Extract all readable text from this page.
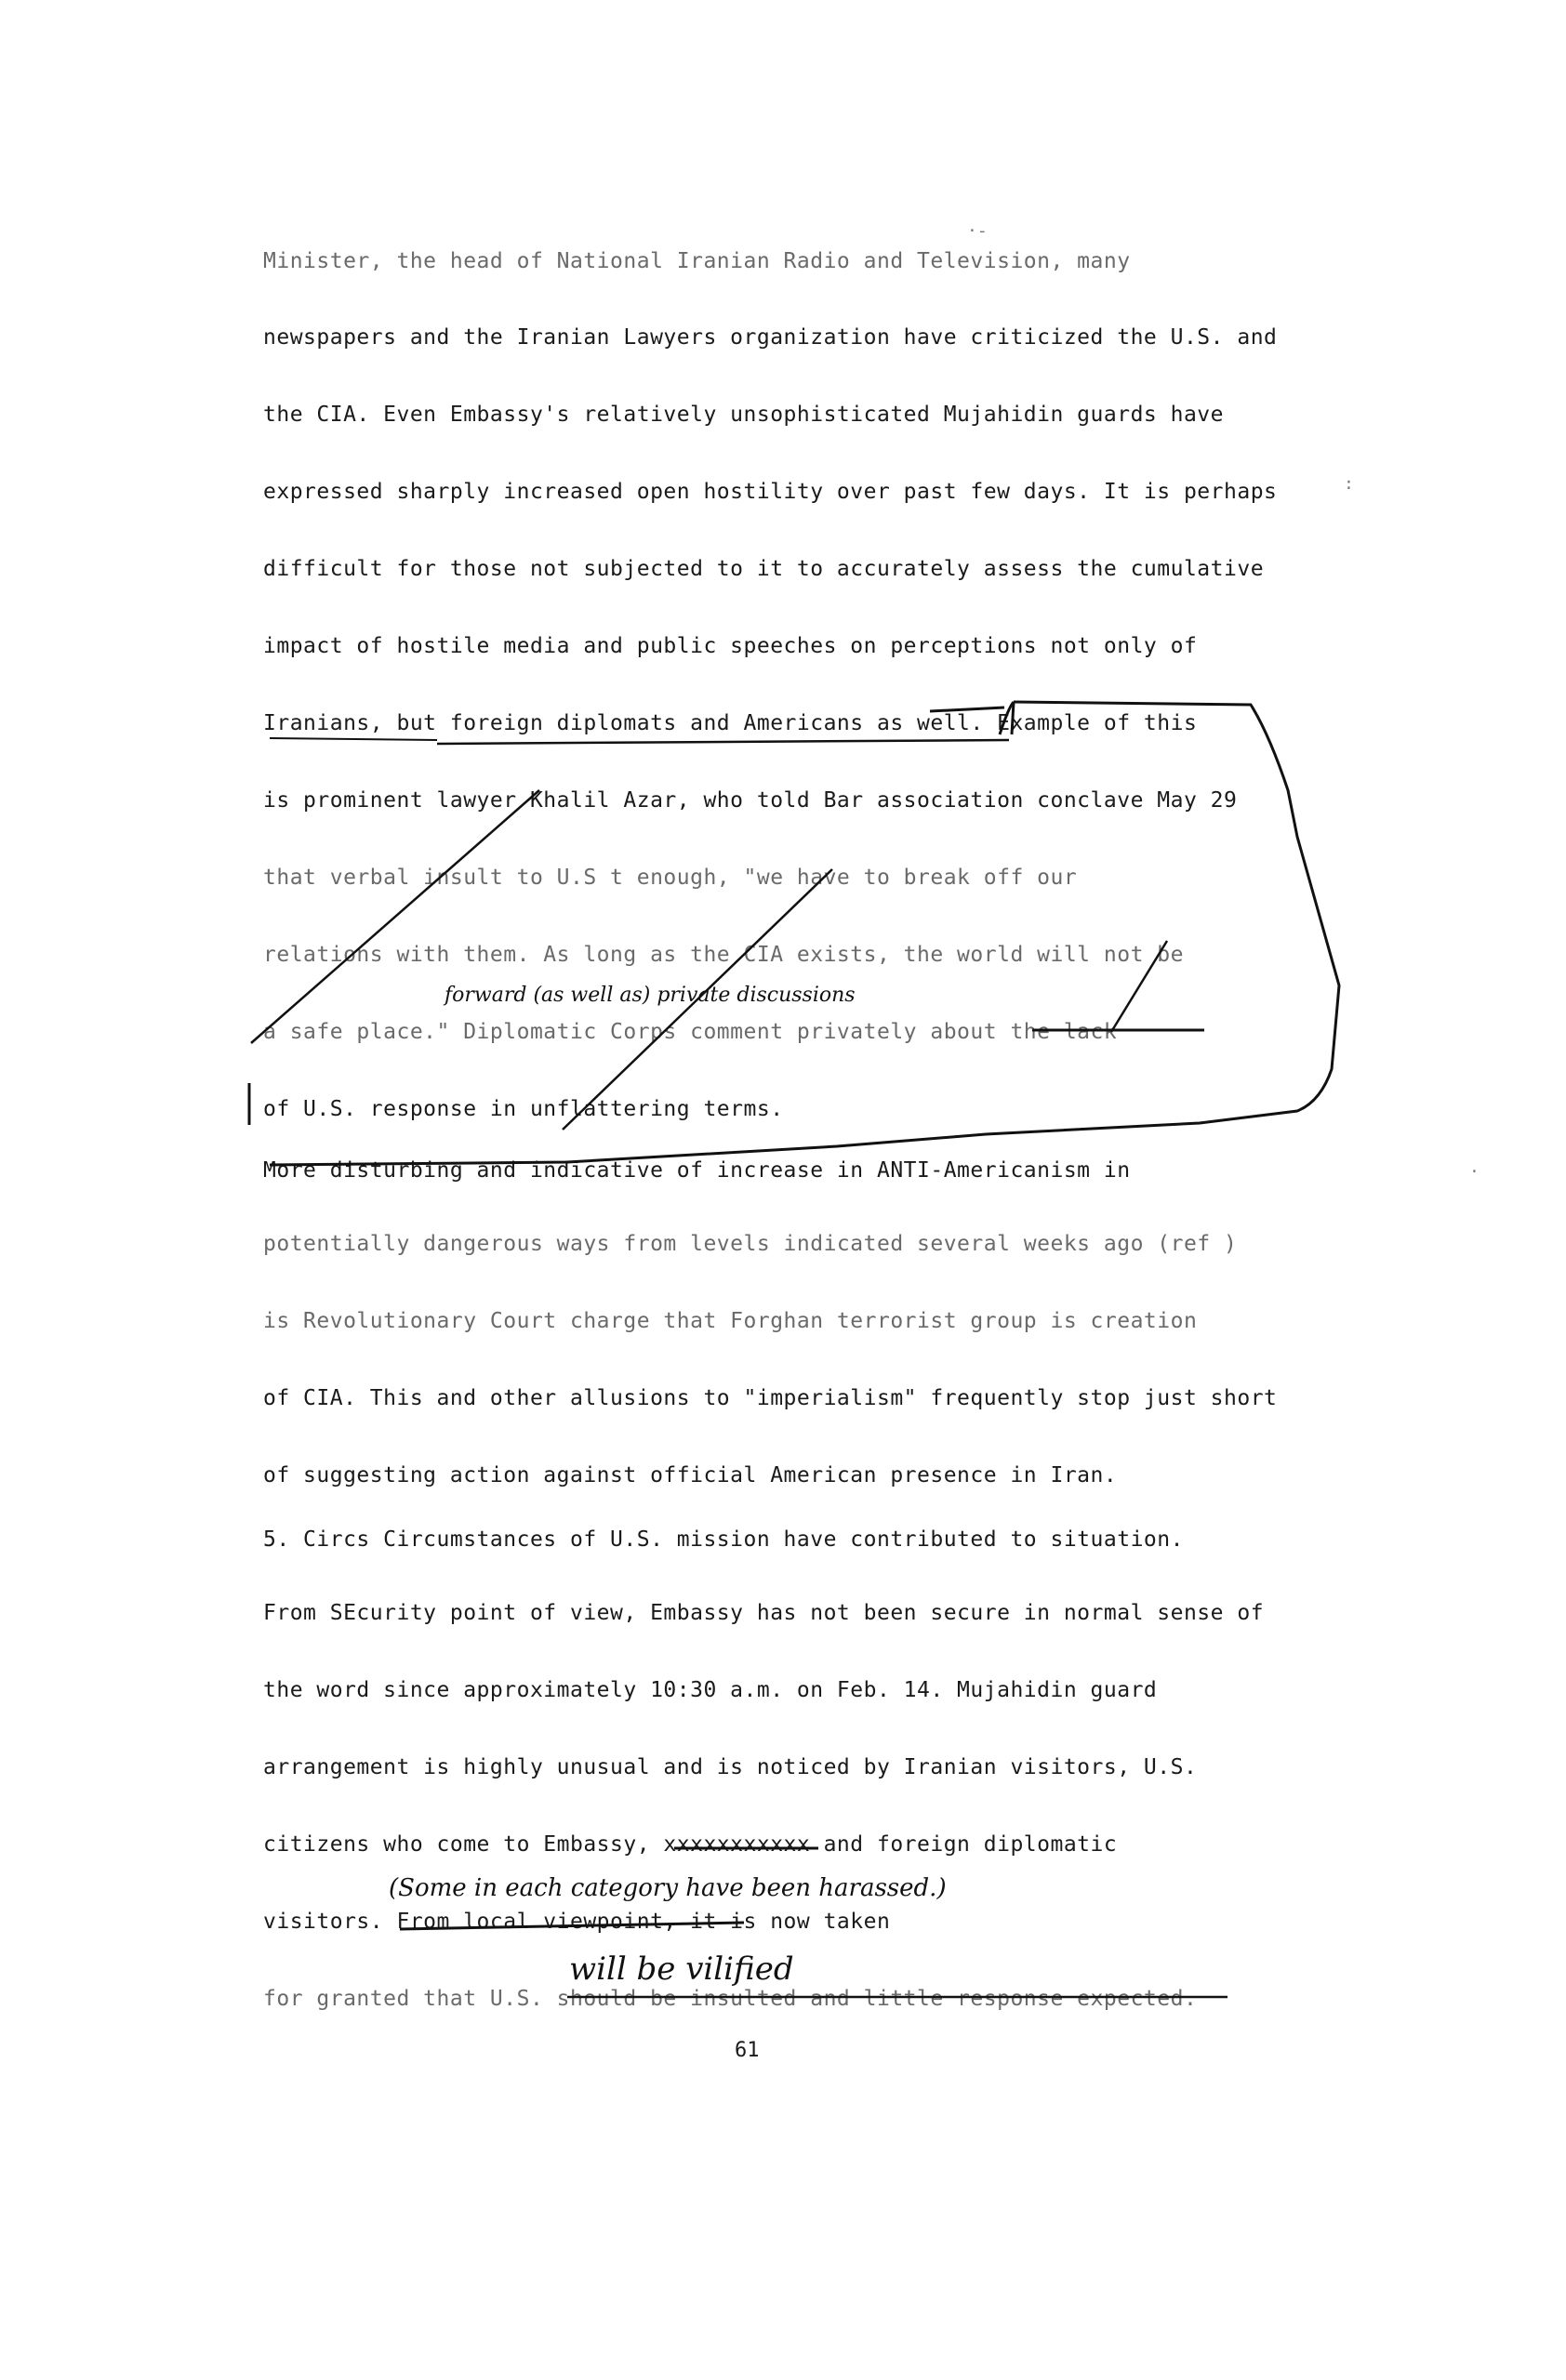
·-
·
:
Minister, the head of National Iranian Radio and Television, many
newspapers and the Iranian Lawyers organization have criticized the U.S. and
the CIA. Even Embassy's relatively unsophisticated Mujahidin guards have
expressed sharply increased open hostility over past few days. It is perhaps
difficult for those not subjected to it to accurately assess the cumulative
impact of hostile media and public speeches on perceptions not only of
Iranians, but foreign diplomats and Americans as well. Example of this
is prominent lawyer Khalil Azar, who told Bar association conclave May 29
that verbal insult to U.S t enough, "we have to break off our
relations with them. As long as the CIA exists, the world will not be
a safe place." Diplomatic Corps comment privately about the lack
of U.S. response in unflattering terms.
More disturbing and indicative of increase in ANTI-Americanism in
potentially dangerous ways from levels indicated several weeks ago (ref )
is Revolutionary Court charge that Forghan terrorist group is creation
of CIA. This and other allusions to "imperialism" frequently stop just short
of suggesting action against official American presence in Iran.
5. Circs Circumstances of U.S. mission have contributed to situation.
From SEcurity point of view, Embassy has not been secure in normal sense of
the word since approximately 10:30 a.m. on Feb. 14. Mujahidin guard
arrangement is highly unusual and is noticed by Iranian visitors, U.S.
citizens who come to Embassy, xxxxxxxxxxx and foreign diplomatic
visitors. From local viewpoint, it is now taken
for granted that U.S. should be insulted and little response expected.
forward (as well as) private discussions
(Some in each category have been harassed.)
will be vilified
61
